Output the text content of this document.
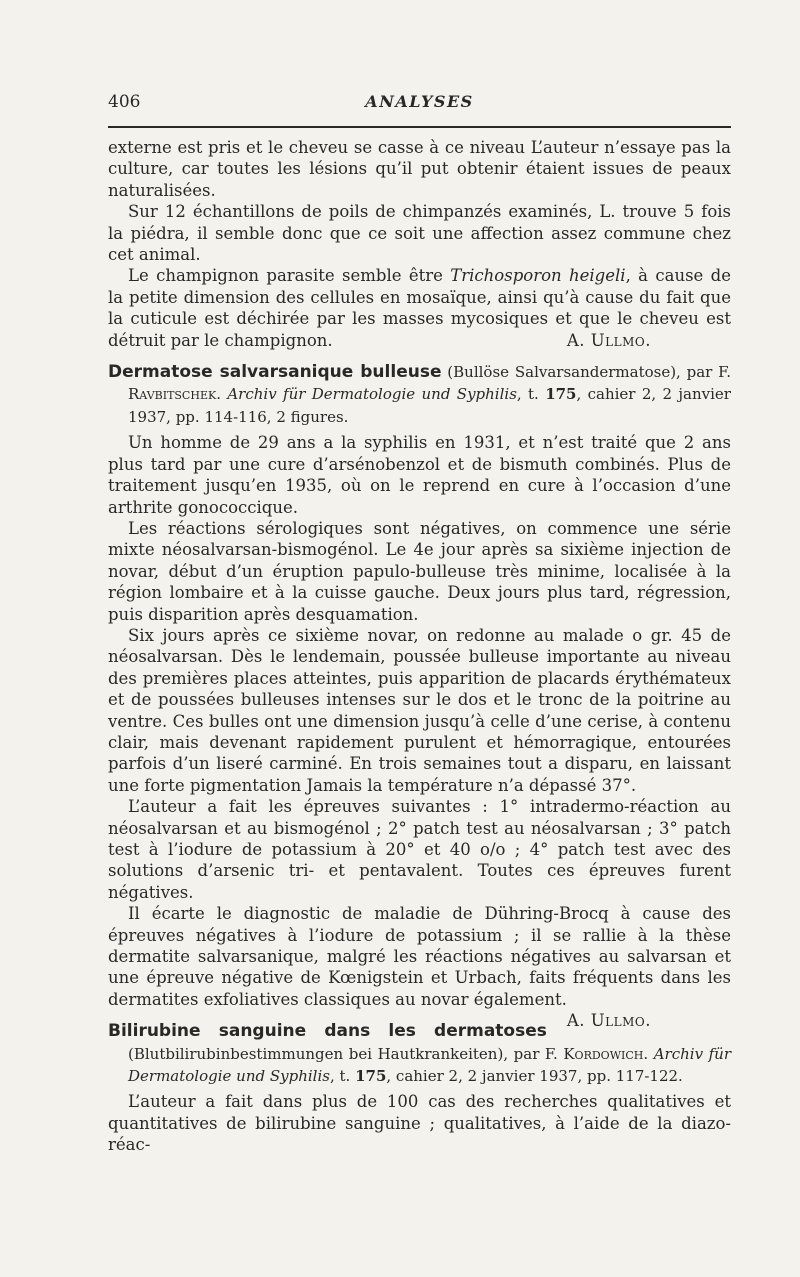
406	ANALYSES

externe est pris et le cheveu se casse à ce niveau L’auteur n’essaye pas la culture, car toutes les lésions qu’il put obtenir étaient issues de peaux naturalisées.

Sur 12 échantillons de poils de chimpanzés examinés, L. trouve 5 fois la piédra, il semble donc que ce soit une affection assez commune chez cet animal.

Le champignon parasite semble être Trichosporon heigeli, à cause de la petite dimension des cellules en mosaïque, ainsi qu’à cause du fait que la cuticule est déchirée par les masses mycosiques et que le cheveu est détruit par le champignon.	A. Ullmo.

Dermatose salvarsanique bulleuse (Bullöse Salvarsandermatose), par F. Ravbitschek. Archiv für Dermatologie und Syphilis, t. 175, cahier 2, 2 janvier 1937, pp. 114-116, 2 figures.

Un homme de 29 ans a la syphilis en 1931, et n’est traité que 2 ans plus tard par une cure d’arsénobenzol et de bismuth combinés. Plus de traitement jusqu’en 1935, où on le reprend en cure à l’occasion d’une arthrite gonococcique.

Les réactions sérologiques sont négatives, on commence une série mixte néosalvarsan-bismogénol. Le 4e jour après sa sixième injection de novar, début d’un éruption papulo-bulleuse très minime, localisée à la région lombaire et à la cuisse gauche. Deux jours plus tard, régression, puis disparition après desquamation.

Six jours après ce sixième novar, on redonne au malade o gr. 45 de néosalvarsan. Dès le lendemain, poussée bulleuse importante au niveau des premières places atteintes, puis apparition de placards érythémateux et de poussées bulleuses intenses sur le dos et le tronc de la poitrine au ventre. Ces bulles ont une dimension jusqu’à celle d’une cerise, à contenu clair, mais devenant rapidement purulent et hémorragique, entourées parfois d’un liseré carminé. En trois semaines tout a disparu, en laissant une forte pigmentation Jamais la température n’a dépassé 37°.

L’auteur a fait les épreuves suivantes : 1° intradermo-réaction au néosalvarsan et au bismogénol ; 2° patch test au néosalvarsan ; 3° patch test à l’iodure de potassium à 20° et 40 o/o ; 4° patch test avec des solutions d’arsenic tri- et pentavalent. Toutes ces épreuves furent négatives.

Il écarte le diagnostic de maladie de Dühring-Brocq à cause des épreuves négatives à l’iodure de potassium ; il se rallie à la thèse dermatite salvarsanique, malgré les réactions négatives au salvarsan et une épreuve négative de Kœnigstein et Urbach, faits fréquents dans les dermatites exfoliatives classiques au novar également.
A. Ullmo.

Bilirubine sanguine dans les dermatoses (Blutbilirubinbestimmungen bei Hautkrankeiten), par F. Kordowich. Archiv für Dermatologie und Syphilis, t. 175, cahier 2, 2 janvier 1937, pp. 117-122.

L’auteur a fait dans plus de 100 cas des recherches qualitatives et quantitatives de bilirubine sanguine ; qualitatives, à l’aide de la diazo-réac-
